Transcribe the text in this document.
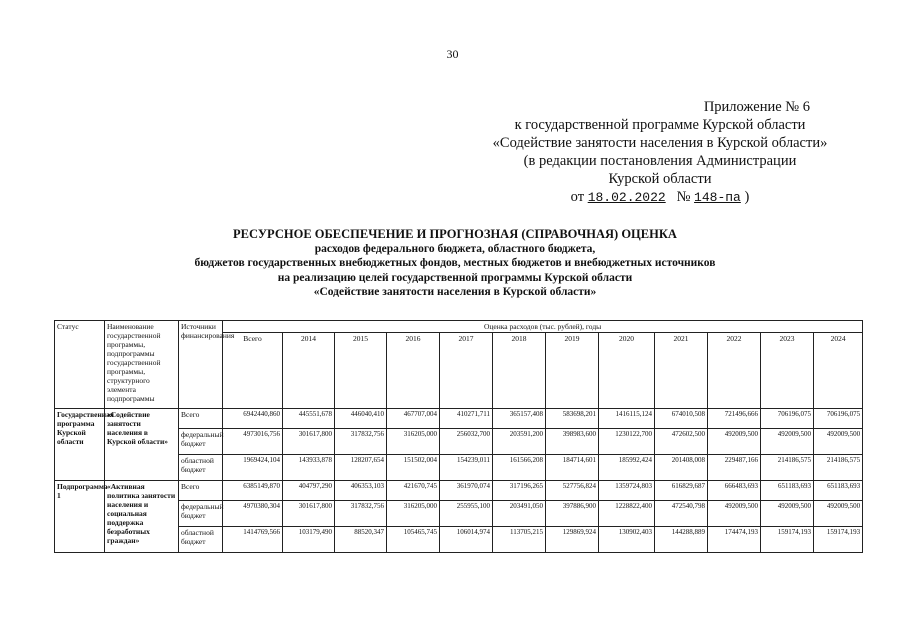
30
Приложение № 6
к государственной программе Курской области
«Содействие занятости населения в Курской области»
(в редакции постановления Администрации
Курской области
от 18.02.2022 № 148-па )
РЕСУРСНОЕ ОБЕСПЕЧЕНИЕ И ПРОГНОЗНАЯ (СПРАВОЧНАЯ) ОЦЕНКА
расходов федерального бюджета, областного бюджета,
бюджетов государственных внебюджетных фондов, местных бюджетов и внебюджетных источников
на реализацию целей государственной программы Курской области
«Содействие занятости населения в Курской области»
Статус	Наименование государственной программы, подпрограммы государственной программы, структурного элемента подпрограммы	Источники финансирования	Оценка расходов (тыс. рублей), годы											
			Всего	2014	2015	2016	2017	2018	2019	2020	2021	2022	2023	2024
Государственная программа Курской области	«Содействие занятости населения в Курской области»	Всего	6942440,860	445551,678	446040,410	467707,004	410271,711	365157,408	583698,201	1416115,124	674010,508	721496,666	706196,075	706196,075
		федеральный бюджет	4973016,756	301617,800	317832,756	316205,000	256032,700	203591,200	398983,600	1230122,700	472602,500	492009,500	492009,500	492009,500
		областной бюджет	1969424,104	143933,878	128207,654	151502,004	154239,011	161566,208	184714,601	185992,424	201408,008	229487,166	214186,575	214186,575
Подпрограмма 1	«Активная политика занятости населения и социальная поддержка безработных граждан»	Всего	6385149,870	404797,290	406353,103	421670,745	361970,074	317196,265	527756,824	1359724,803	616829,687	666483,693	651183,693	651183,693
		федеральный бюджет	4970380,304	301617,800	317832,756	316205,000	255955,100	203491,050	397886,900	1228822,400	472540,798	492009,500	492009,500	492009,500
		областной бюджет	1414769,566	103179,490	88520,347	105465,745	106014,974	113705,215	129869,924	130902,403	144288,889	174474,193	159174,193	159174,193
